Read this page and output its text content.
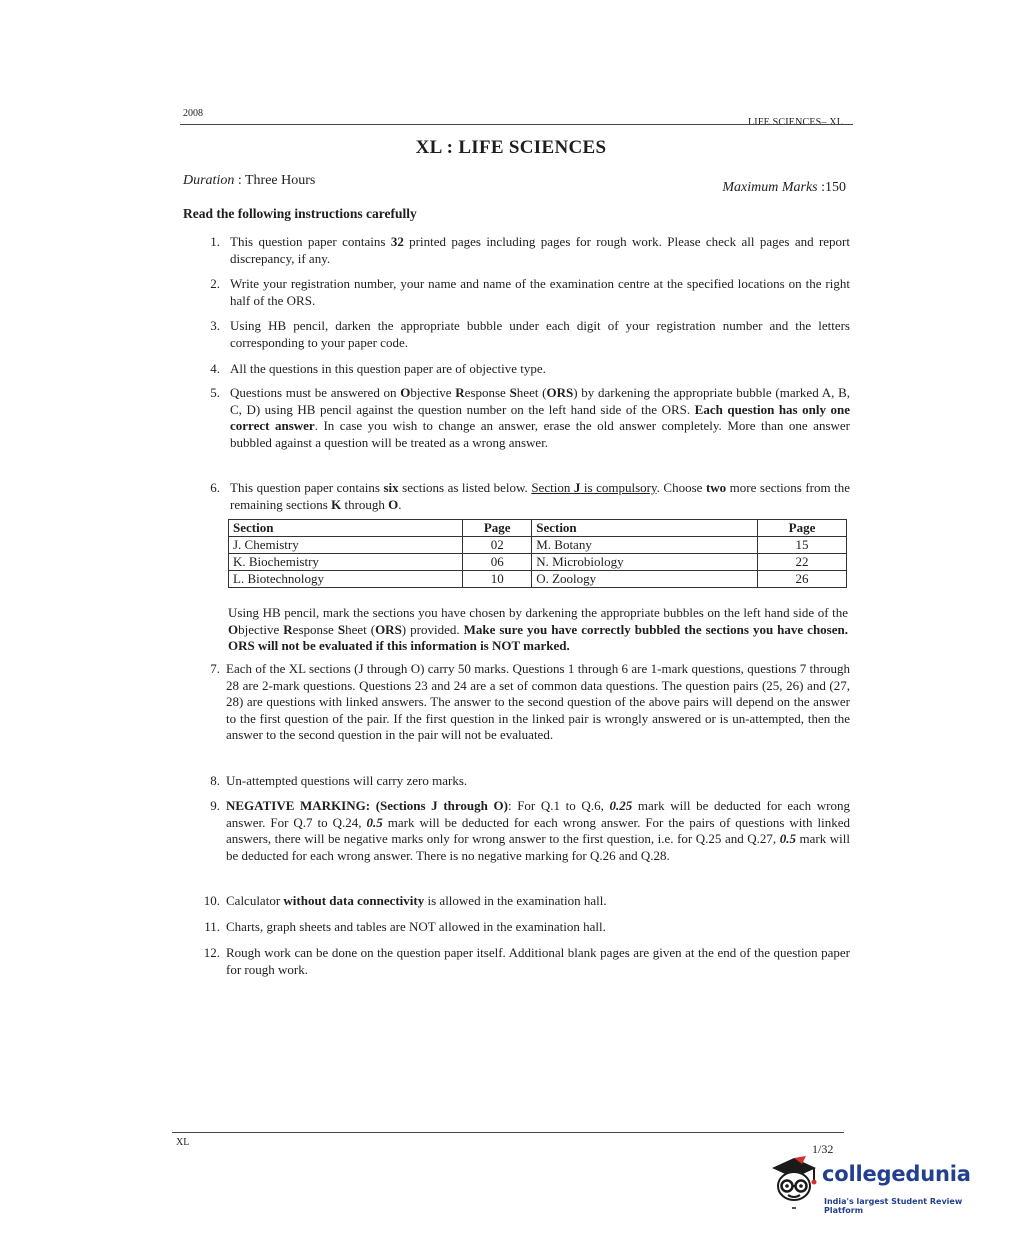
2008
LIFE SCIENCES– XL
XL : LIFE SCIENCES
Duration : Three Hours	Maximum Marks :150
Read the following instructions carefully
1. This question paper contains 32 printed pages including pages for rough work. Please check all pages and report discrepancy, if any.
2. Write your registration number, your name and name of the examination centre at the specified locations on the right half of the ORS.
3. Using HB pencil, darken the appropriate bubble under each digit of your registration number and the letters corresponding to your paper code.
4. All the questions in this question paper are of objective type.
5. Questions must be answered on Objective Response Sheet (ORS) by darkening the appropriate bubble (marked A, B, C, D) using HB pencil against the question number on the left hand side of the ORS. Each question has only one correct answer. In case you wish to change an answer, erase the old answer completely. More than one answer bubbled against a question will be treated as a wrong answer.
6. This question paper contains six sections as listed below. Section J is compulsory. Choose two more sections from the remaining sections K through O.
7. Each of the XL sections (J through O) carry 50 marks. Questions 1 through 6 are 1-mark questions, questions 7 through 28 are 2-mark questions. Questions 23 and 24 are a set of common data questions. The question pairs (25, 26) and (27, 28) are questions with linked answers. The answer to the second question of the above pairs will depend on the answer to the first question of the pair. If the first question in the linked pair is wrongly answered or is un-attempted, then the answer to the second question in the pair will not be evaluated.
8. Un-attempted questions will carry zero marks.
9. NEGATIVE MARKING: (Sections J through O): For Q.1 to Q.6, 0.25 mark will be deducted for each wrong answer. For Q.7 to Q.24, 0.5 mark will be deducted for each wrong answer. For the pairs of questions with linked answers, there will be negative marks only for wrong answer to the first question, i.e. for Q.25 and Q.27, 0.5 mark will be deducted for each wrong answer. There is no negative marking for Q.26 and Q.28.
10. Calculator without data connectivity is allowed in the examination hall.
11. Charts, graph sheets and tables are NOT allowed in the examination hall.
12. Rough work can be done on the question paper itself. Additional blank pages are given at the end of the question paper for rough work.
Section	Page	Section	Page
J. Chemistry	02	M. Botany	15
K. Biochemistry	06	N. Microbiology	22
L. Biotechnology	10	O. Zoology	26
Using HB pencil, mark the sections you have chosen by darkening the appropriate bubbles on the left hand side of the Objective Response Sheet (ORS) provided. Make sure you have correctly bubbled the sections you have chosen. ORS will not be evaluated if this information is NOT marked.
XL	1/32
collegedunia
India's largest Student Review Platform
